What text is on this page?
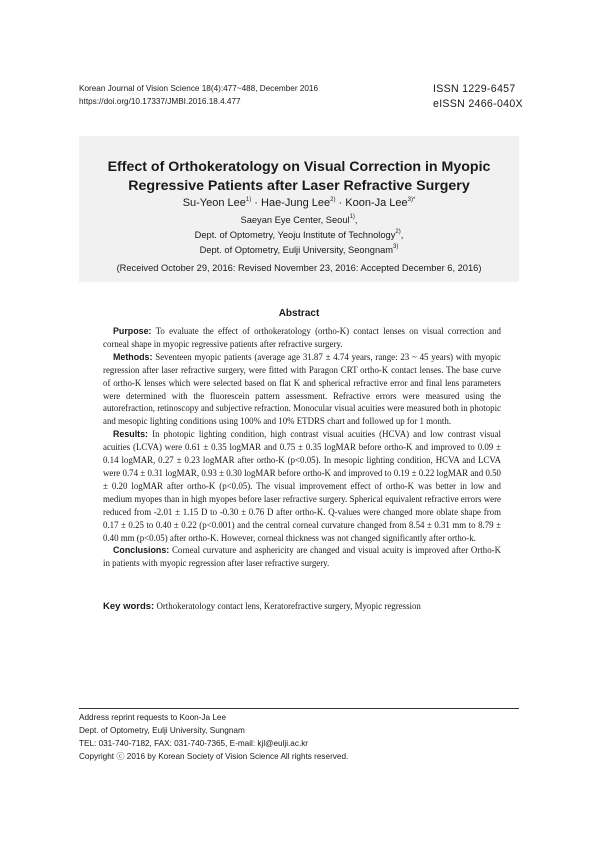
Korean Journal of Vision Science 18(4):477~488, December 2016
https://doi.org/10.17337/JMBI.2016.18.4.477
ISSN 1229-6457
eISSN 2466-040X
Effect of Orthokeratology on Visual Correction in Myopic
Regressive Patients after Laser Refractive Surgery
Su-Yeon Lee$^{1)}$ · Hae-Jung Lee$^{2)}$ · Koon-Ja Lee$^{3)*}$
Saeyan Eye Center, Seoul$^{1)}$,
Dept. of Optometry, Yeoju Institute of Technology$^{2)}$,
Dept. of Optometry, Eulji University, Seongnam$^{3)}$
(Received October 29, 2016: Revised November 23, 2016: Accepted December 6, 2016)
Abstract

Purpose: To evaluate the effect of orthokeratology (ortho-K) contact lenses on visual correction and corneal shape in myopic regressive patients after refractive surgery.

Methods: Seventeen myopic patients (average age 31.87 ± 4.74 years, range: 23 ~ 45 years) with myopic regression after laser refractive surgery, were fitted with Paragon CRT ortho-K contact lenses. The base curve of ortho-K lenses which were selected based on flat K and spherical refractive error and final lens parameters were determined with the fluorescein pattern assessment. Refractive errors were measured using the autorefraction, retinoscopy and subjective refraction. Monocular visual acuities were measured both in photopic and mesopic lighting conditions using 100% and 10% ETDRS chart and followed up for 1 month.

Results: In photopic lighting condition, high contrast visual acuities (HCVA) and low contrast visual acuities (LCVA) were 0.61 ± 0.35 logMAR and 0.75 ± 0.35 logMAR before ortho-K and improved to 0.09 ± 0.14 logMAR, 0.27 ± 0.23 logMAR after ortho-K (p<0.05). In mesopic lighting condition, HCVA and LCVA were 0.74 ± 0.31 logMAR, 0.93 ± 0.30 logMAR before ortho-K and improved to 0.19 ± 0.22 logMAR and 0.50 ± 0.20 logMAR after ortho-K (p<0.05). The visual improvement effect of ortho-K was better in low and medium myopes than in high myopes before laser refractive surgery. Spherical equivalent refractive errors were reduced from -2.01 ± 1.15 D to -0.30 ± 0.76 D after ortho-K. Q-values were changed more oblate shape from 0.17 ± 0.25 to 0.40 ± 0.22 (p<0.001) and the central corneal curvature changed from 8.54 ± 0.31 mm to 8.79 ± 0.40 mm (p<0.05) after ortho-K. However, corneal thickness was not changed significantly after ortho-k.

Conclusions: Corneal curvature and asphericity are changed and visual acuity is improved after Ortho-K in patients with myopic regression after laser refractive surgery.

Key words: Orthokeratology contact lens, Keratorefractive surgery, Myopic regression
Address reprint requests to Koon-Ja Lee
Dept. of Optometry, Eulji University, Sungnam
TEL: 031-740-7182, FAX: 031-740-7365, E-mail: kjl@eulji.ac.kr
Copyright ⓒ 2016 by Korean Society of Vision Science All rights reserved.
